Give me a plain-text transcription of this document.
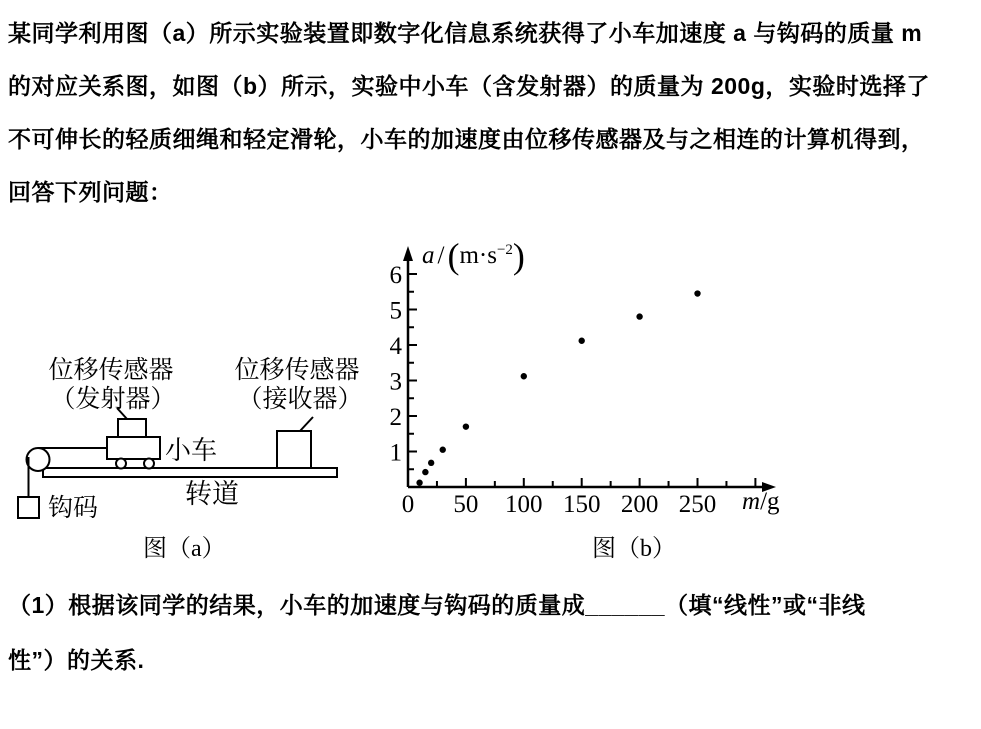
某同学利用图（a）所示实验装置即数字化信息系统获得了小车加速度 a 与钩码的质量 m
的对应关系图，如图（b）所示，实验中小车（含发射器）的质量为 200g，实验时选择了
不可伸长的轻质细绳和轻定滑轮，小车的加速度由位移传感器及与之相连的计算机得到，
回答下列问题：
位移传感器
（发射器）
位移传感器
（接收器）
小车
转道
钩码
图（a）
0 50 100 150 200 250
1
2
3
4
5
6
a $/(m\cdot s^{-2})$
m/g
图（b）
（1）根据该同学的结果，小车的加速度与钩码的质量成______（填“线性”或“非线
性”）的关系.
